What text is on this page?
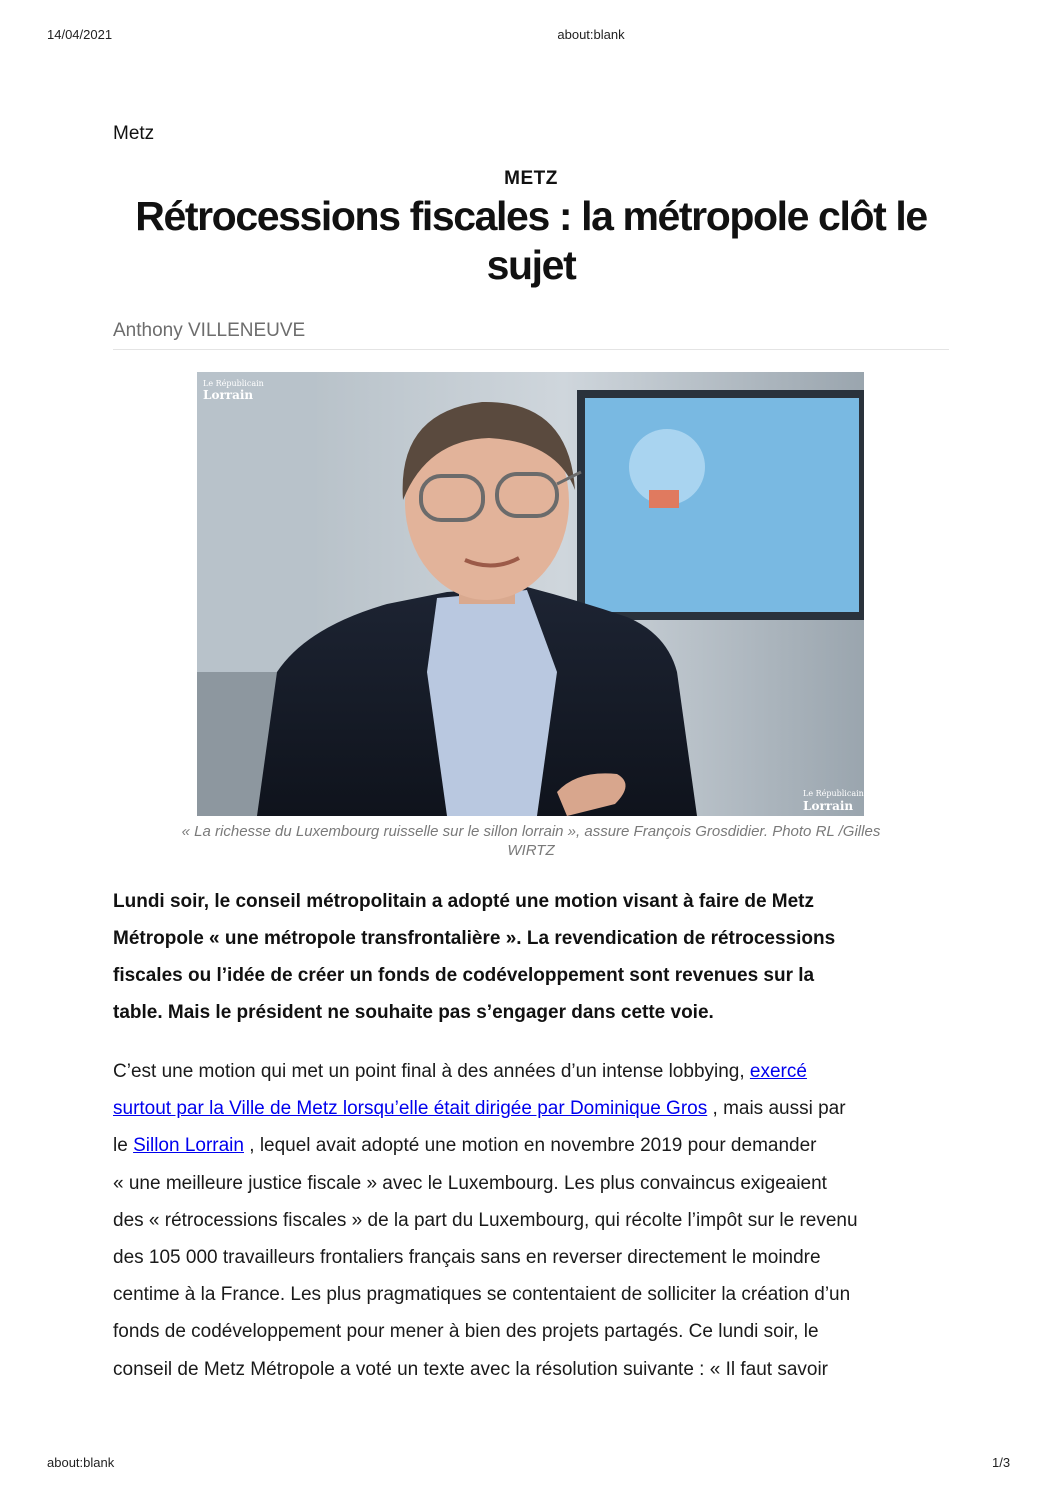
14/04/2021	about:blank
Metz
METZ
Rétrocessions fiscales : la métropole clôt le
sujet
Anthony VILLENEUVE
Le Républicain
Lorrain
Le Républicain
Lorrain
« La richesse du Luxembourg ruisselle sur le sillon lorrain », assure François Grosdidier. Photo RL /Gilles
WIRTZ

Lundi soir, le conseil métropolitain a adopté une motion visant à faire de Metz
Métropole « une métropole transfrontalière ». La revendication de rétrocessions
fiscales ou l’idée de créer un fonds de codéveloppement sont revenues sur la
table. Mais le président ne souhaite pas s’engager dans cette voie.

C’est une motion qui met un point final à des années d’un intense lobbying, exercé
surtout par la Ville de Metz lorsqu’elle était dirigée par Dominique Gros , mais aussi par
le Sillon Lorrain , lequel avait adopté une motion en novembre 2019 pour demander
« une meilleure justice fiscale » avec le Luxembourg. Les plus convaincus exigeaient
des « rétrocessions fiscales » de la part du Luxembourg, qui récolte l’impôt sur le revenu
des 105 000 travailleurs frontaliers français sans en reverser directement le moindre
centime à la France. Les plus pragmatiques se contentaient de solliciter la création d’un
fonds de codéveloppement pour mener à bien des projets partagés. Ce lundi soir, le
conseil de Metz Métropole a voté un texte avec la résolution suivante : « Il faut savoir

about:blank	1/3
